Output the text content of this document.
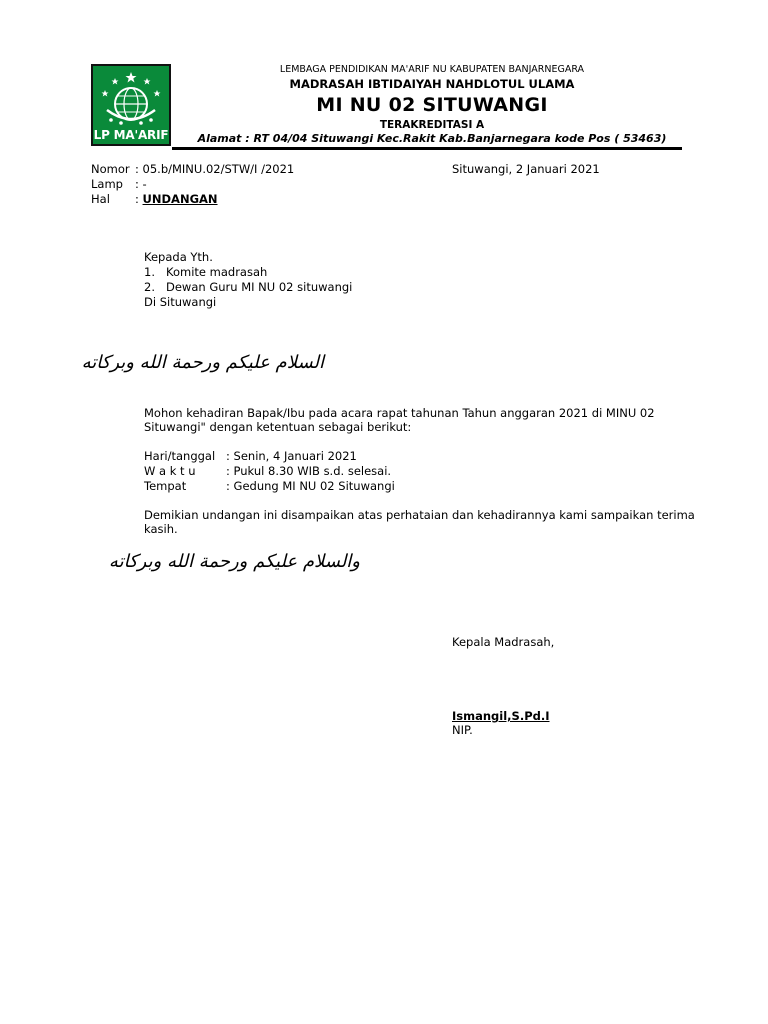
LP MA'ARIF
LEMBAGA PENDIDIKAN MA'ARIF NU KABUPATEN BANJARNEGARA
MADRASAH IBTIDAIYAH NAHDLOTUL ULAMA
MI NU 02 SITUWANGI
TERAKREDITASI A
Alamat : RT 04/04 Situwangi Kec.Rakit Kab.Banjarnegara kode Pos ( 53463)
Nomor : 05.b/MINU.02/STW/I /2021	Situwangi, 2 Januari 2021
Lamp : -
Hal : UNDANGAN
Kepada Yth.
1. Komite madrasah
2. Dewan Guru MI NU 02 situwangi
Di Situwangi
السلام عليكم ورحمة الله وبركاته
Mohon kehadiran Bapak/Ibu pada acara rapat tahunan Tahun anggaran 2021 di MINU 02
Situwangi" dengan ketentuan sebagai berikut:
Hari/tanggal : Senin, 4 Januari 2021
W a k t u	: Pukul 8.30 WIB s.d. selesai.
Tempat	: Gedung MI NU 02 Situwangi
Demikian undangan ini disampaikan atas perhataian dan kehadirannya kami sampaikan terima
kasih.
والسلام عليكم ورحمة الله وبركاته
Kepala Madrasah,
Ismangil,S.Pd.I
NIP.
